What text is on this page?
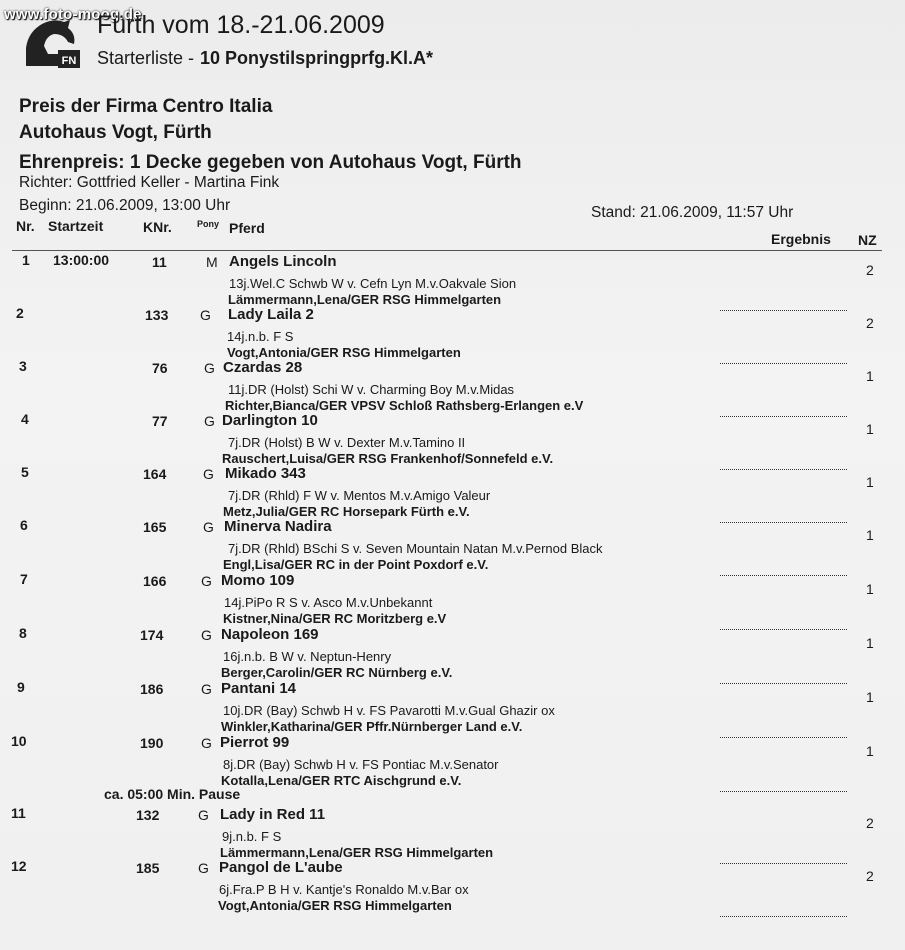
FN
www.foto-moog.de
Fürth vom 18.-21.06.2009
Starterliste - 10 Ponystilspringprfg.Kl.A*
Preis der Firma Centro Italia
Autohaus Vogt, Fürth
Ehrenpreis: 1 Decke gegeben von Autohaus Vogt, Fürth
Richter: Gottfried Keller - Martina Fink
Beginn: 21.06.2009, 13:00 Uhr	Stand: 21.06.2009, 11:57 Uhr
Nr. Startzeit	KNr.	Pony Pferd
Ergebnis NZ
1 13:00:00	11	M Angels Lincoln
13j.Wel.C Schwb W v. Cefn Lyn M.v.Oakvale Sion
Lämmermann,Lena/GER RSG Himmelgarten
2
2	133 G Lady Laila 2
14j.n.b. F S
Vogt,Antonia/GER RSG Himmelgarten
2
3	76	G Czardas 28
11j.DR (Holst) Schi W v. Charming Boy M.v.Midas
Richter,Bianca/GER VPSV Schloß Rathsberg-Erlangen e.V
1
4	77	G Darlington 10
7j.DR (Holst) B W v. Dexter M.v.Tamino II
Rauschert,Luisa/GER RSG Frankenhof/Sonnefeld e.V.
1
5	164	G Mikado 343
7j.DR (Rhld) F W v. Mentos M.v.Amigo Valeur
Metz,Julia/GER RC Horsepark Fürth e.V.
1
6	165	G Minerva Nadira
7j.DR (Rhld) BSchi S v. Seven Mountain Natan M.v.Pernod Black
Engl,Lisa/GER RC in der Point Poxdorf e.V.
1
7	166 G Momo 109
14j.PiPo R S v. Asco M.v.Unbekannt
Kistner,Nina/GER RC Moritzberg e.V
1
8	174	G Napoleon 169
16j.n.b. B W v. Neptun-Henry
Berger,Carolin/GER RC Nürnberg e.V.
1
9	186	G Pantani 14
10j.DR (Bay) Schwb H v. FS Pavarotti M.v.Gual Ghazir ox
Winkler,Katharina/GER Pffr.Nürnberger Land e.V.
1
10	190	G Pierrot 99
8j.DR (Bay) Schwb H v. FS Pontiac M.v.Senator
Kotalla,Lena/GER RTC Aischgrund e.V.
1
11	132	G Lady in Red 11
9j.n.b. F S
Lämmermann,Lena/GER RSG Himmelgarten
2
12	185	G Pangol de L'aube
6j.Fra.P B H v. Kantje's Ronaldo M.v.Bar ox
Vogt,Antonia/GER RSG Himmelgarten
2
ca. 05:00 Min. Pause
